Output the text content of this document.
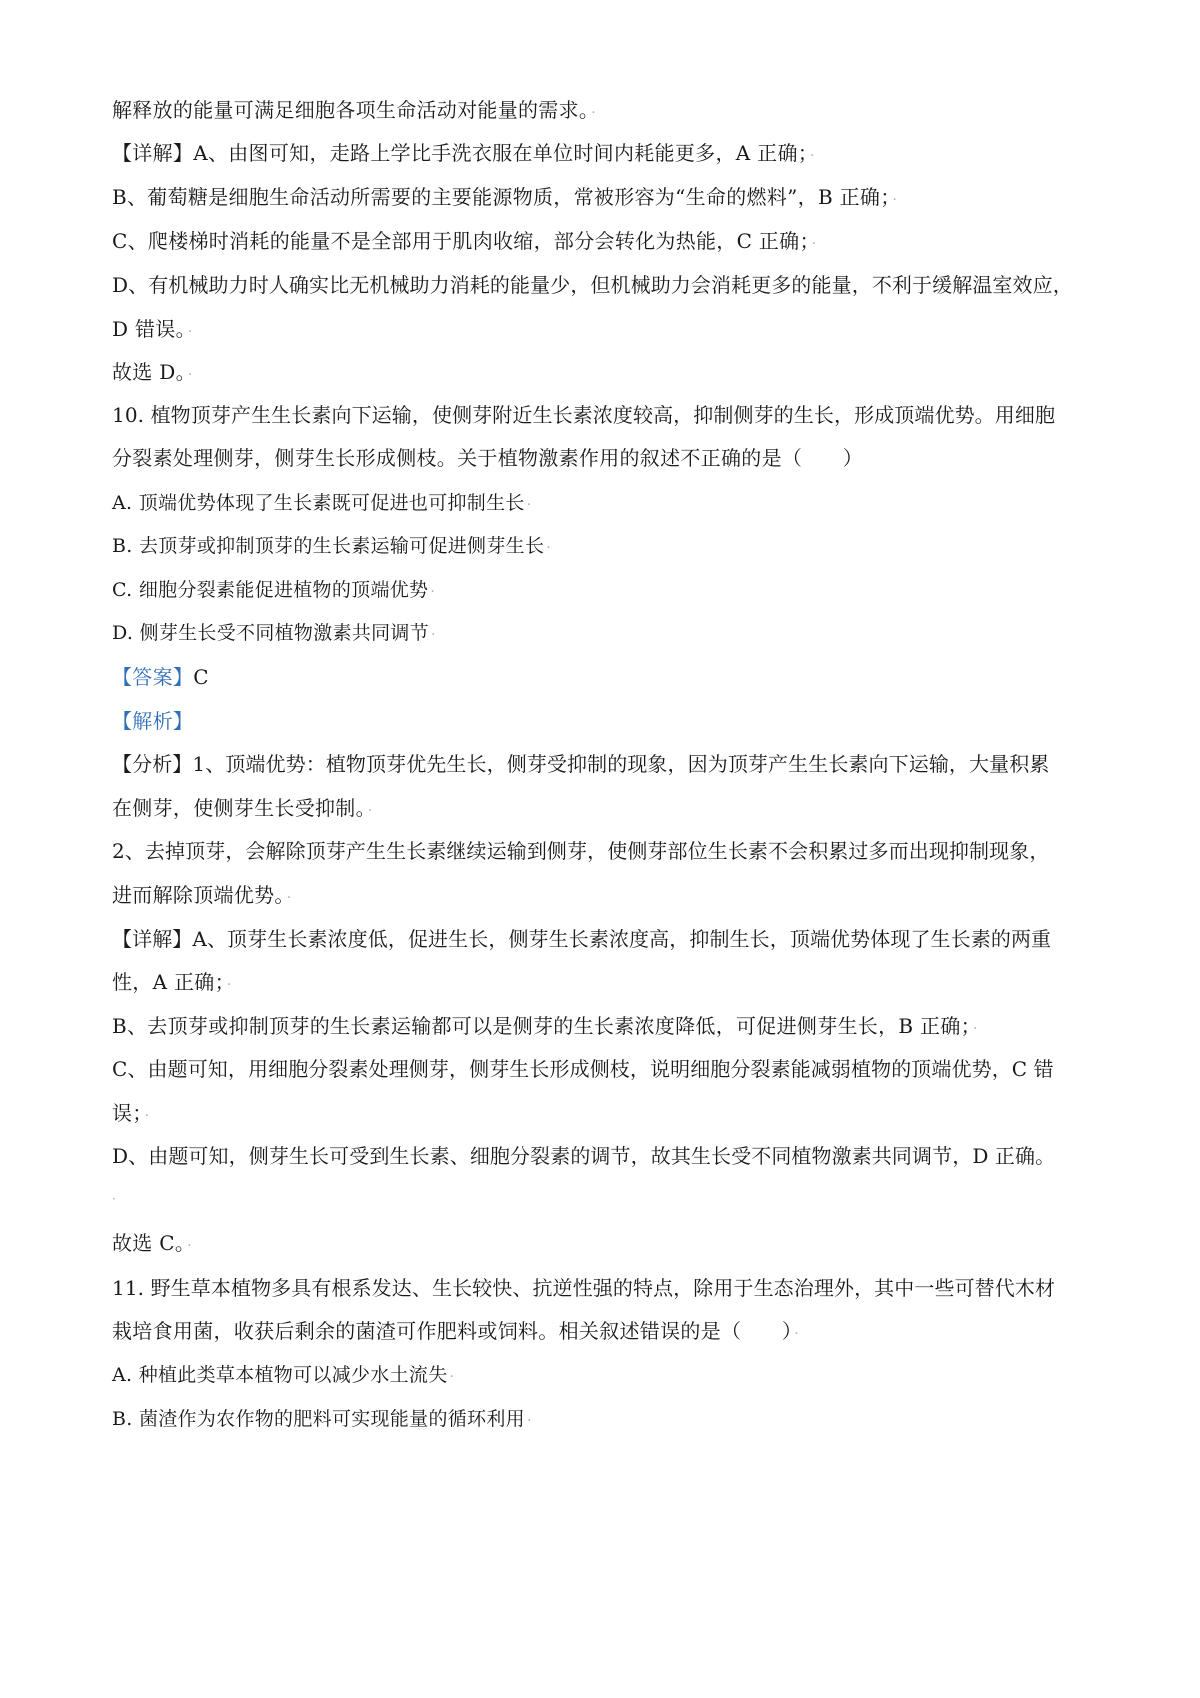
解释放的能量可满足细胞各项生命活动对能量的需求。 ·
【详解】A、由图可知，走路上学比手洗衣服在单位时间内耗能更多，A 正确； ·
B、葡萄糖是细胞生命活动所需要的主要能源物质，常被形容为“生命的燃料”，B 正确； ·
C、爬楼梯时消耗的能量不是全部用于肌肉收缩，部分会转化为热能，C 正确； ·
D、有机械助力时人确实比无机械助力消耗的能量少，但机械助力会消耗更多的能量，不利于缓解温室效应，
D 错误。 ·
故选 D。 ·
10. 植物顶芽产生生长素向下运输，使侧芽附近生长素浓度较高，抑制侧芽的生长，形成顶端优势。用细胞
分裂素处理侧芽，侧芽生长形成侧枝。关于植物激素作用的叙述不正确的是（　　）
A. 顶端优势体现了生长素既可促进也可抑制生长 ·
B. 去顶芽或抑制顶芽的生长素运输可促进侧芽生长 ·
C. 细胞分裂素能促进植物的顶端优势 ·
D. 侧芽生长受不同植物激素共同调节 ·
【答案】C
【解析】
【分析】1、顶端优势：植物顶芽优先生长，侧芽受抑制的现象，因为顶芽产生生长素向下运输，大量积累
在侧芽，使侧芽生长受抑制。 ·
2、去掉顶芽，会解除顶芽产生生长素继续运输到侧芽，使侧芽部位生长素不会积累过多而出现抑制现象，
进而解除顶端优势。 ·
【详解】A、顶芽生长素浓度低，促进生长，侧芽生长素浓度高，抑制生长，顶端优势体现了生长素的两重
性，A 正确； ·
B、去顶芽或抑制顶芽的生长素运输都可以是侧芽的生长素浓度降低，可促进侧芽生长，B 正确； ·
C、由题可知，用细胞分裂素处理侧芽，侧芽生长形成侧枝，说明细胞分裂素能减弱植物的顶端优势，C 错
误； ·
D、由题可知，侧芽生长可受到生长素、细胞分裂素的调节，故其生长受不同植物激素共同调节，D 正确。
·
故选 C。 ·
11. 野生草本植物多具有根系发达、生长较快、抗逆性强的特点，除用于生态治理外，其中一些可替代木材
栽培食用菌，收获后剩余的菌渣可作肥料或饲料。相关叙述错误的是（　　） ·
A. 种植此类草本植物可以减少水土流失 ·
B. 菌渣作为农作物的肥料可实现能量的循环利用 ·
